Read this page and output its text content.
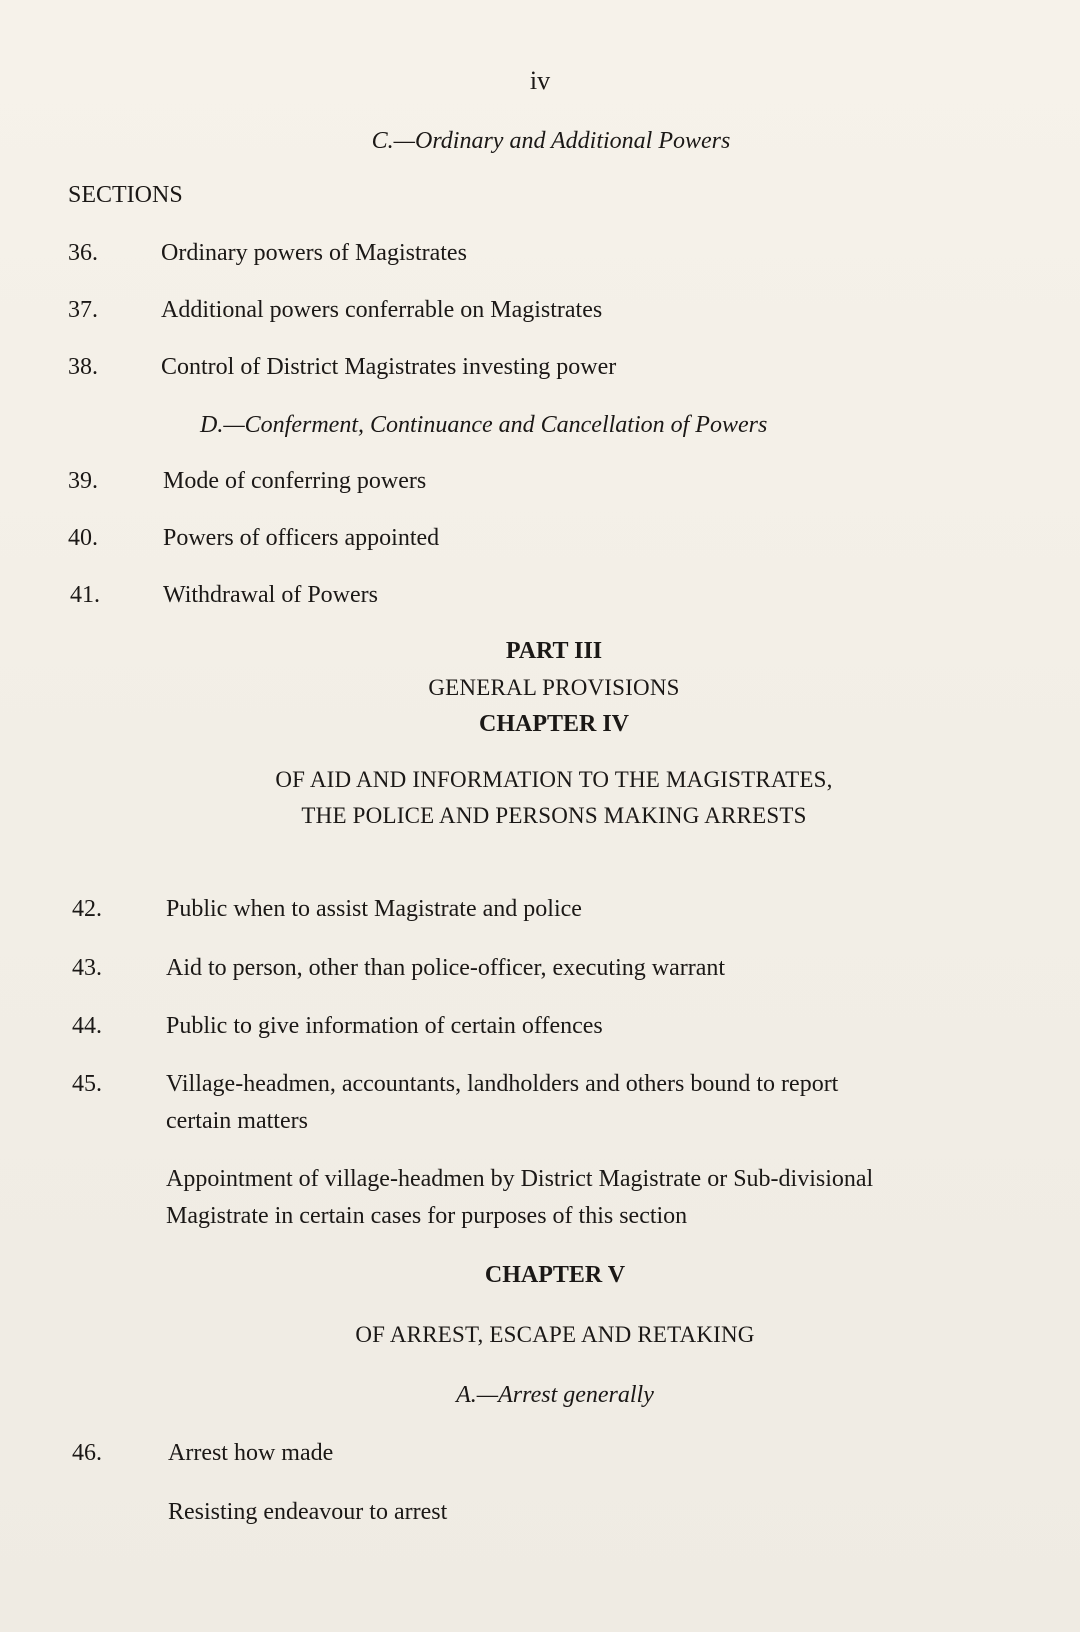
iv
C.—Ordinary and Additional Powers
SECTIONS
36.	Ordinary powers of Magistrates
37.	Additional powers conferrable on Magistrates
38.	Control of District Magistrates investing power
D.—Conferment, Continuance and Cancellation of Powers
39.	Mode of conferring powers
40.	Powers of officers appointed
41.	Withdrawal of Powers
PART III
GENERAL PROVISIONS
CHAPTER IV
OF AID AND INFORMATION TO THE MAGISTRATES,
THE POLICE AND PERSONS MAKING ARRESTS
42.	Public when to assist Magistrate and police
43.	Aid to person, other than police-officer, executing warrant
44.	Public to give information of certain offences
45.	Village-headmen, accountants, landholders and others bound to report
certain matters
Appointment of village-headmen by District Magistrate or Sub-divisional
Magistrate in certain cases for purposes of this section
CHAPTER V
OF ARREST, ESCAPE AND RETAKING
A.—Arrest generally
46.	Arrest how made
Resisting endeavour to arrest
